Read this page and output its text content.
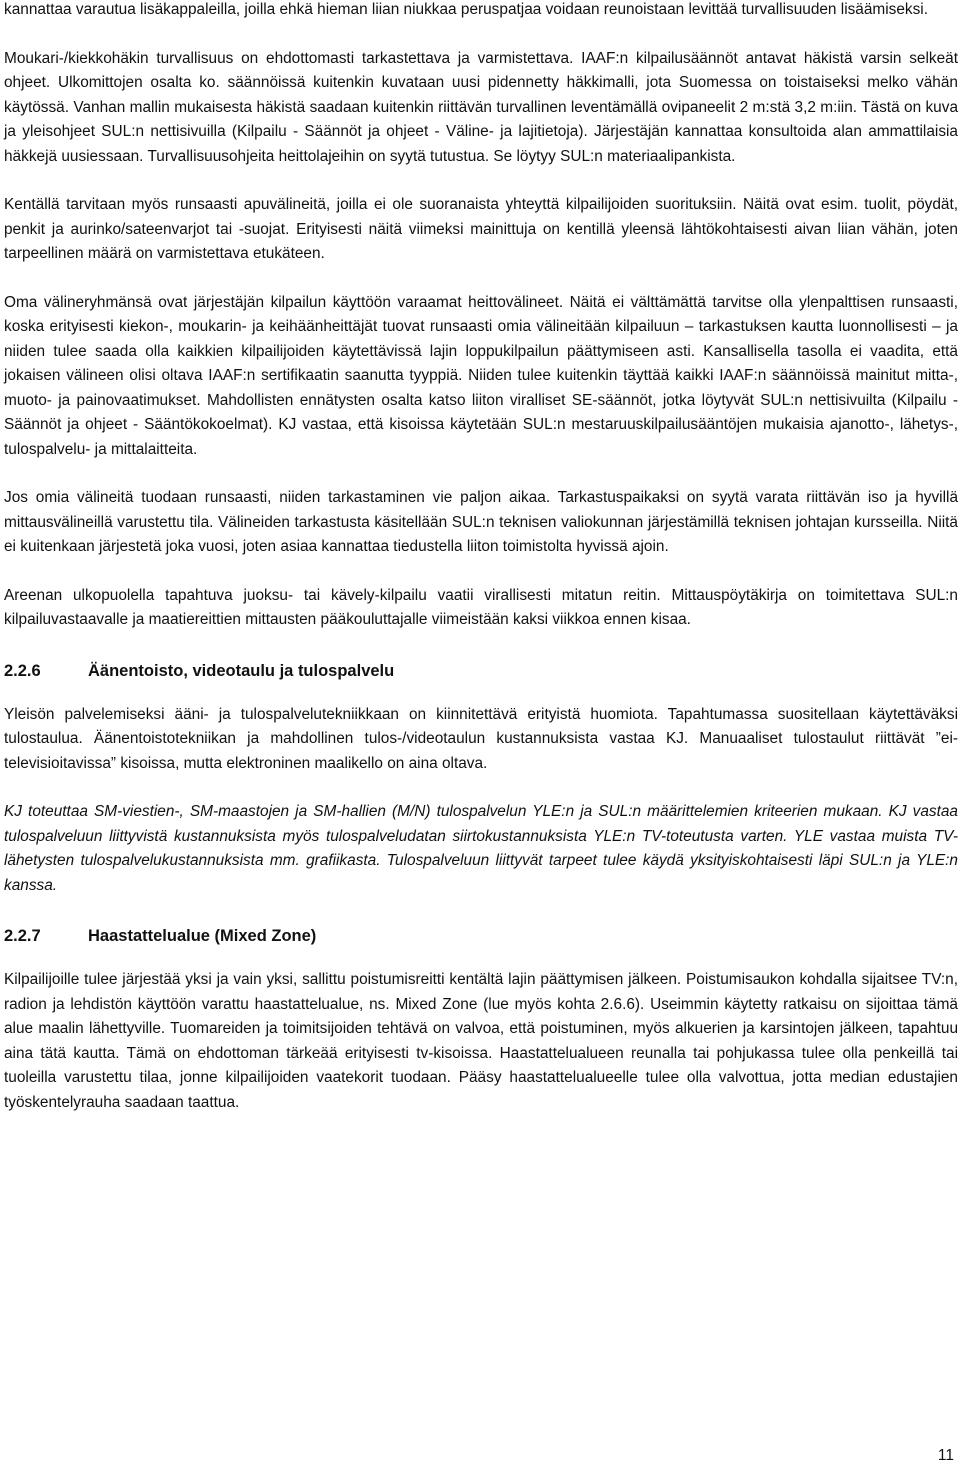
kannattaa varautua lisäkappaleilla, joilla ehkä hieman liian niukkaa peruspatjaa voidaan reunoistaan levittää turvallisuuden lisäämiseksi.

Moukari-/kiekkohäkin turvallisuus on ehdottomasti tarkastettava ja varmistettava. IAAF:n kilpailusäännöt antavat häkistä varsin selkeät ohjeet. Ulkomittojen osalta ko. säännöissä kuitenkin kuvataan uusi pidennetty häkkimalli, jota Suomessa on toistaiseksi melko vähän käytössä. Vanhan mallin mukaisesta häkistä saadaan kuitenkin riittävän turvallinen leventämällä ovipaneelit 2 m:stä 3,2 m:iin. Tästä on kuva ja yleisohjeet SUL:n nettisivuilla (Kilpailu - Säännöt ja ohjeet - Väline- ja lajitietoja). Järjestäjän kannattaa konsultoida alan ammattilaisia häkkejä uusiessaan. Turvallisuusohjeita heittolajeihin on syytä tutustua. Se löytyy SUL:n materiaalipankista.

Kentällä tarvitaan myös runsaasti apuvälineitä, joilla ei ole suoranaista yhteyttä kilpailijoiden suorituksiin. Näitä ovat esim. tuolit, pöydät, penkit ja aurinko/sateenvarjot tai -suojat. Erityisesti näitä viimeksi mainittuja on kentillä yleensä lähtökohtaisesti aivan liian vähän, joten tarpeellinen määrä on varmistettava etukäteen.

Oma välineryhmänsä ovat järjestäjän kilpailun käyttöön varaamat heittovälineet. Näitä ei välttämättä tarvitse olla ylenpalttisen runsaasti, koska erityisesti kiekon-, moukarin- ja keihäänheittäjät tuovat runsaasti omia välineitään kilpailuun – tarkastuksen kautta luonnollisesti – ja niiden tulee saada olla kaikkien kilpailijoiden käytettävissä lajin loppukilpailun päättymiseen asti. Kansallisella tasolla ei vaadita, että jokaisen välineen olisi oltava IAAF:n sertifikaatin saanutta tyyppiä. Niiden tulee kuitenkin täyttää kaikki IAAF:n säännöissä mainitut mitta-, muoto- ja painovaatimukset. Mahdollisten ennätysten osalta katso liiton viralliset SE-säännöt, jotka löytyvät SUL:n nettisivuilta (Kilpailu - Säännöt ja ohjeet - Sääntökokoelmat). KJ vastaa, että kisoissa käytetään SUL:n mestaruuskilpailusääntöjen mukaisia ajanotto-, lähetys-, tulospalvelu- ja mittalaitteita.

Jos omia välineitä tuodaan runsaasti, niiden tarkastaminen vie paljon aikaa. Tarkastuspaikaksi on syytä varata riittävän iso ja hyvillä mittausvälineillä varustettu tila. Välineiden tarkastusta käsitellään SUL:n teknisen valiokunnan järjestämillä teknisen johtajan kursseilla. Niitä ei kuitenkaan järjestetä joka vuosi, joten asiaa kannattaa tiedustella liiton toimistolta hyvissä ajoin.

Areenan ulkopuolella tapahtuva juoksu- tai kävely-kilpailu vaatii virallisesti mitatun reitin. Mittauspöytäkirja on toimitettava SUL:n kilpailuvastaavalle ja maatiereittien mittausten pääkouluttajalle viimeistään kaksi viikkoa ennen kisaa.

2.2.6	Äänentoisto, videotaulu ja tulospalvelu

Yleisön palvelemiseksi ääni- ja tulospalvelutekniikkaan on kiinnitettävä erityistä huomiota. Tapahtumassa suositellaan käytettäväksi tulostaulua. Äänentoistotekniikan ja mahdollinen tulos-/videotaulun kustannuksista vastaa KJ. Manuaaliset tulostaulut riittävät ”ei-televisioitavissa” kisoissa, mutta elektroninen maalikello on aina oltava.

KJ toteuttaa SM-viestien-, SM-maastojen ja SM-hallien (M/N) tulospalvelun YLE:n ja SUL:n määrittelemien kriteerien mukaan. KJ vastaa tulospalveluun liittyvistä kustannuksista myös tulospalveludatan siirtokustannuksista YLE:n TV-toteutusta varten. YLE vastaa muista TV-lähetysten tulospalvelukustannuksista mm. grafiikasta. Tulospalveluun liittyvät tarpeet tulee käydä yksityiskohtaisesti läpi SUL:n ja YLE:n kanssa.

2.2.7	Haastattelualue (Mixed Zone)

Kilpailijoille tulee järjestää yksi ja vain yksi, sallittu poistumisreitti kentältä lajin päättymisen jälkeen. Poistumisaukon kohdalla sijaitsee TV:n, radion ja lehdistön käyttöön varattu haastattelualue, ns. Mixed Zone (lue myös kohta 2.6.6). Useimmin käytetty ratkaisu on sijoittaa tämä alue maalin lähettyville. Tuomareiden ja toimitsijoiden tehtävä on valvoa, että poistuminen, myös alkuerien ja karsintojen jälkeen, tapahtuu aina tätä kautta. Tämä on ehdottoman tärkeää erityisesti tv-kisoissa. Haastattelualueen reunalla tai pohjukassa tulee olla penkeillä tai tuoleilla varustettu tilaa, jonne kilpailijoiden vaatekorit tuodaan. Pääsy haastattelualueelle tulee olla valvottua, jotta median edustajien työskentelyrauha saadaan taattua.

11
